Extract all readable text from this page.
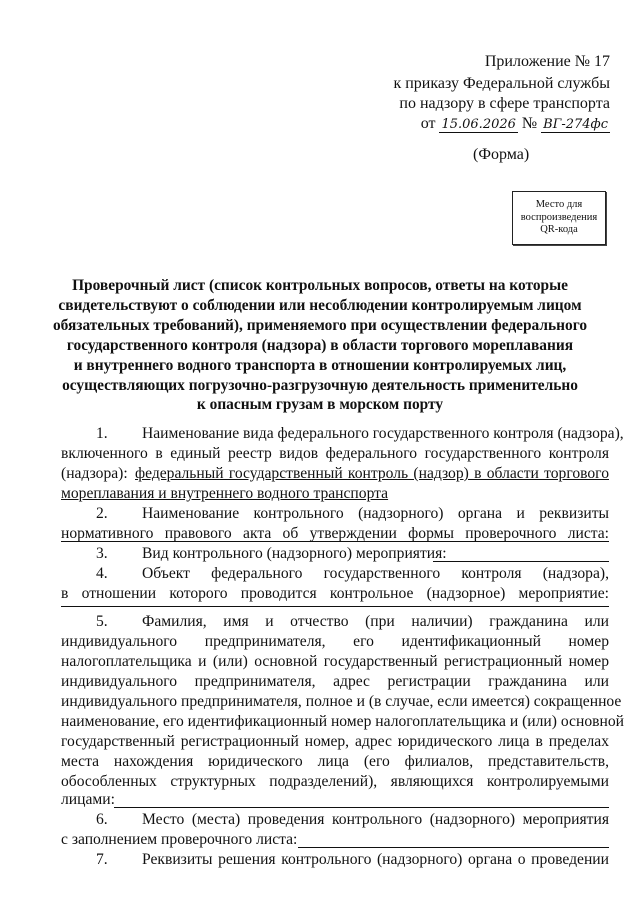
Приложение № 17
к приказу Федеральной службы
по надзору в сфере транспорта
от 15.06.2026 № ВГ-274фс
(Форма)
Место для
воспроизведения
QR-кода
Проверочный лист (список контрольных вопросов, ответы на которые
свидетельствуют о соблюдении или несоблюдении контролируемым лицом
обязательных требований), применяемого при осуществлении федерального
государственного контроля (надзора) в области торгового мореплавания
и внутреннего водного транспорта в отношении контролируемых лиц,
осуществляющих погрузочно-разгрузочную деятельность применительно
к опасным грузам в морском порту
1. Наименование вида федерального государственного контроля (надзора),
включенного в единый реестр видов федерального государственного контроля
(надзора): федеральный государственный контроль (надзор) в области торгового
мореплавания и внутреннего водного транспорта
2. Наименование контрольного (надзорного) органа и реквизиты
нормативного правового акта об утверждении формы проверочного листа:
3. Вид контрольного (надзорного) мероприятия:
4. Объект федерального государственного контроля (надзора),
в отношении которого проводится контрольное (надзорное) мероприятие:
5. Фамилия, имя и отчество (при наличии) гражданина или
индивидуального предпринимателя, его идентификационный номер
налогоплательщика и (или) основной государственный регистрационный номер
индивидуального предпринимателя, адрес регистрации гражданина или
индивидуального предпринимателя, полное и (в случае, если имеется) сокращенное
наименование, его идентификационный номер налогоплательщика и (или) основной
государственный регистрационный номер, адрес юридического лица в пределах
места нахождения юридического лица (его филиалов, представительств,
обособленных структурных подразделений), являющихся контролируемыми
лицами:
6. Место (места) проведения контрольного (надзорного) мероприятия
с заполнением проверочного листа:
7. Реквизиты решения контрольного (надзорного) органа о проведении
